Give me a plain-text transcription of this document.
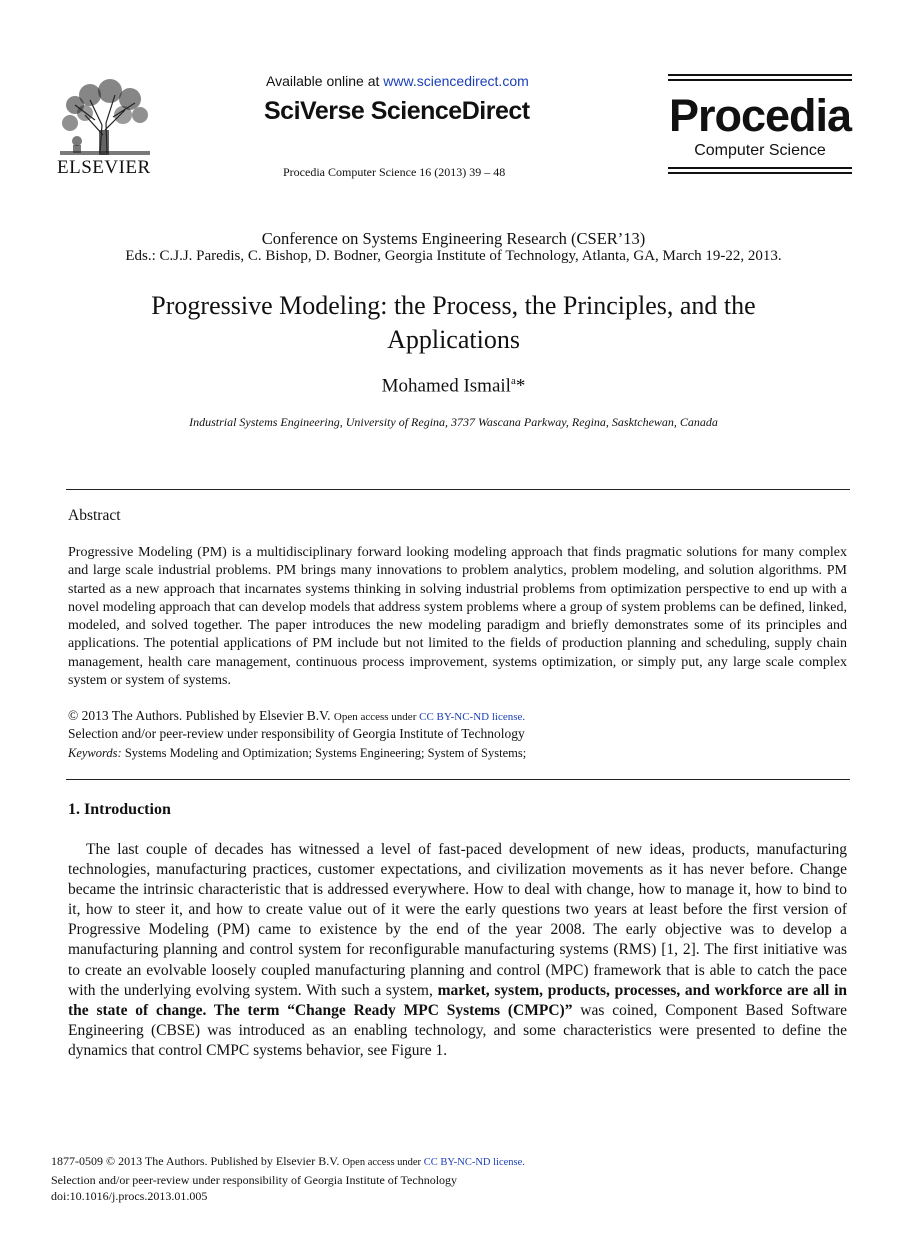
ELSEVIER
Available online at www.sciencedirect.com
SciVerse ScienceDirect
Procedia Computer Science 16 (2013) 39 – 48
Procedia
Computer Science
Conference on Systems Engineering Research (CSER’13)
Eds.: C.J.J. Paredis, C. Bishop, D. Bodner, Georgia Institute of Technology, Atlanta, GA, March 19-22, 2013.
Progressive Modeling: the Process, the Principles, and the
Applications
Mohamed Ismail$^a$*
Industrial Systems Engineering, University of Regina, 3737 Wascana Parkway, Regina, Sasktchewan, Canada
Abstract
Progressive Modeling (PM) is a multidisciplinary forward looking modeling approach that finds pragmatic solutions for many complex and large scale industrial problems. PM brings many innovations to problem analytics, problem modeling, and solution algorithms. PM started as a new approach that incarnates systems thinking in solving industrial problems from optimization perspective to end up with a novel modeling approach that can develop models that address system problems where a group of system problems can be defined, linked, modeled, and solved together. The paper introduces the new modeling paradigm and briefly demonstrates some of its principles and applications. The potential applications of PM include but not limited to the fields of production planning and scheduling, supply chain management, health care management, continuous process improvement, systems optimization, or simply put, any large scale complex system or system of systems.
© 2013 The Authors. Published by Elsevier B.V. Open access under CC BY-NC-ND license.
Selection and/or peer-review under responsibility of Georgia Institute of Technology
Keywords: Systems Modeling and Optimization; Systems Engineering; System of Systems;
1. Introduction
The last couple of decades has witnessed a level of fast-paced development of new ideas, products, manufacturing technologies, manufacturing practices, customer expectations, and civilization movements as it has never before. Change became the intrinsic characteristic that is addressed everywhere. How to deal with change, how to manage it, how to bind to it, how to steer it, and how to create value out of it were the early questions two years at least before the first version of Progressive Modeling (PM) came to existence by the end of the year 2008. The early objective was to develop a manufacturing planning and control system for reconfigurable manufacturing systems (RMS) [1, 2]. The first initiative was to create an evolvable loosely coupled manufacturing planning and control (MPC) framework that is able to catch the pace with the underlying evolving system. With such a system, market, system, products, processes, and workforce are all in the state of change. The term “Change Ready MPC Systems (CMPC)” was coined, Component Based Software Engineering (CBSE) was introduced as an enabling technology, and some characteristics were presented to define the dynamics that control CMPC systems behavior, see Figure 1.
1877-0509 © 2013 The Authors. Published by Elsevier B.V. Open access under CC BY-NC-ND license.
Selection and/or peer-review under responsibility of Georgia Institute of Technology
doi:10.1016/j.procs.2013.01.005
